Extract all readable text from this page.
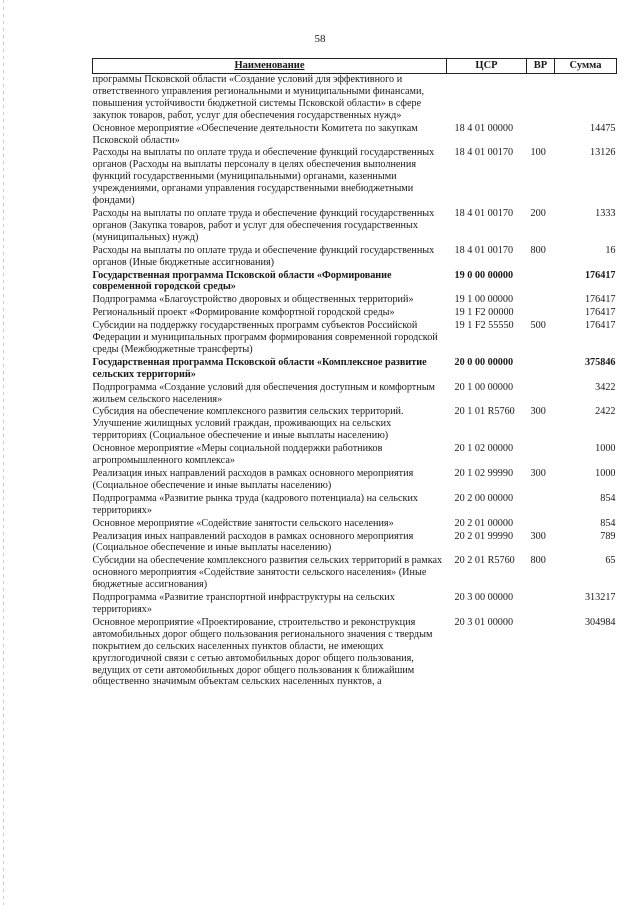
58
Наименование	ЦСР	ВР	Сумма
программы Псковской области «Создание условий для эффективного и ответственного управления региональными и муниципальными финансами, повышения устойчивости бюджетной системы Псковской области» в сфере закупок товаров, работ, услуг для обеспечения государственных нужд»			
Основное мероприятие «Обеспечение деятельности Комитета по закупкам Псковской области»	18 4 01 00000		14475
Расходы на выплаты по оплате труда и обеспечение функций государственных органов (Расходы на выплаты персоналу в целях обеспечения выполнения функций государственными (муниципальными) органами, казенными учреждениями, органами управления государственными внебюджетными фондами)	18 4 01 00170	100	13126
Расходы на выплаты по оплате труда и обеспечение функций государственных органов (Закупка товаров, работ и услуг для обеспечения государственных (муниципальных) нужд)	18 4 01 00170	200	1333
Расходы на выплаты по оплате труда и обеспечение функций государственных органов (Иные бюджетные ассигнования)	18 4 01 00170	800	16
Государственная программа Псковской области «Формирование современной городской среды»	19 0 00 00000		176417
Подпрограмма «Благоустройство дворовых и общественных территорий»	19 1 00 00000		176417
Региональный проект «Формирование комфортной городской среды»	19 1 F2 00000		176417
Субсидии на поддержку государственных программ субъектов Российской Федерации и муниципальных программ формирования современной городской среды (Межбюджетные трансферты)	19 1 F2 55550	500	176417
Государственная программа Псковской области «Комплексное развитие сельских территорий»	20 0 00 00000		375846
Подпрограмма «Создание условий для обеспечения доступным и комфортным жильем сельского населения»	20 1 00 00000		3422
Субсидия на обеспечение комплексного развития сельских территорий. Улучшение жилищных условий граждан, проживающих на сельских территориях (Социальное обеспечение и иные выплаты населению)	20 1 01 R5760	300	2422
Основное мероприятие «Меры социальной поддержки работников агропромышленного комплекса»	20 1 02 00000		1000
Реализация иных направлений расходов в рамках основного мероприятия (Социальное обеспечение и иные выплаты населению)	20 1 02 99990	300	1000
Подпрограмма «Развитие рынка труда (кадрового потенциала) на сельских территориях»	20 2 00 00000		854
Основное мероприятие «Содействие занятости сельского населения»	20 2 01 00000		854
Реализация иных направлений расходов в рамках основного мероприятия (Социальное обеспечение и иные выплаты населению)	20 2 01 99990	300	789
Субсидии на обеспечение комплексного развития сельских территорий в рамках основного мероприятия «Содействие занятости сельского населения» (Иные бюджетные ассигнования)	20 2 01 R5760	800	65
Подпрограмма «Развитие транспортной инфраструктуры на сельских территориях»	20 3 00 00000		313217
Основное мероприятие «Проектирование, строительство и реконструкция автомобильных дорог общего пользования регионального значения с твердым покрытием до сельских населенных пунктов области, не имеющих круглогодичной связи с сетью автомобильных дорог общего пользования, ведущих от сети автомобильных дорог общего пользования к ближайшим общественно значимым объектам сельских населенных пунктов, а	20 3 01 00000		304984
